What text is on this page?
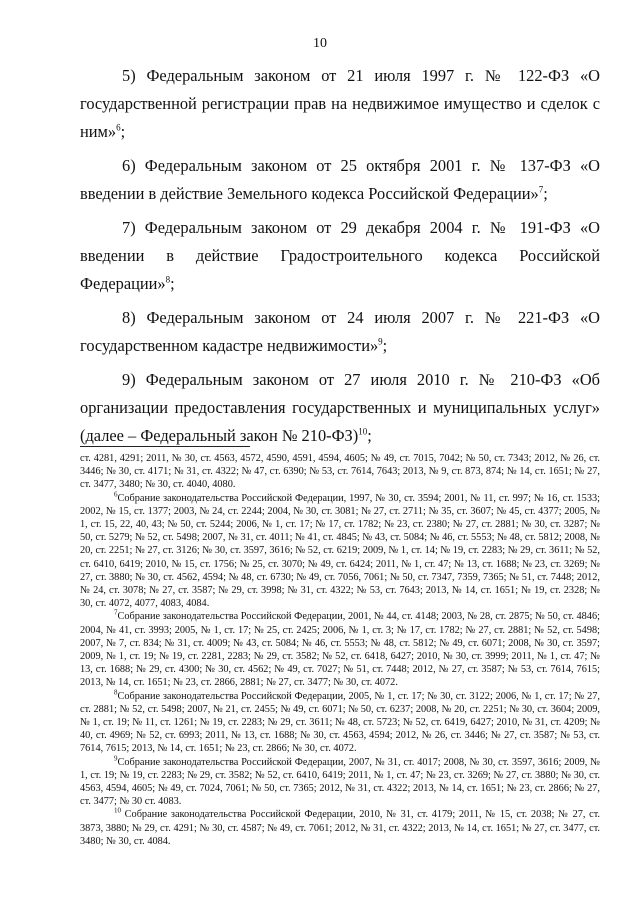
10

5) Федеральным законом от 21 июля 1997 г. № 122-ФЗ «О государственной регистрации прав на недвижимое имущество и сделок с ним»$^6$;

6) Федеральным законом от 25 октября 2001 г. № 137-ФЗ «О введении в действие Земельного кодекса Российской Федерации»$^7$;

7) Федеральным законом от 29 декабря 2004 г. № 191-ФЗ «О введении в действие Градостроительного кодекса Российской Федерации»$^8$;

8) Федеральным законом от 24 июля 2007 г. № 221-ФЗ «О государственном кадастре недвижимости»$^9$;

9) Федеральным законом от 27 июля 2010 г. № 210-ФЗ «Об организации предоставления государственных и муниципальных услуг» (далее – Федеральный закон № 210-ФЗ)$^{10}$;

ст. 4281, 4291; 2011, № 30, ст. 4563, 4572, 4590, 4591, 4594, 4605; № 49, ст. 7015, 7042; № 50, ст. 7343; 2012, № 26, ст. 3446; № 30, ст. 4171; № 31, ст. 4322; № 47, ст. 6390; № 53, ст. 7614, 7643; 2013, № 9, ст. 873, 874; № 14, ст. 1651; № 27, ст. 3477, 3480; № 30, ст. 4040, 4080.

$^6$Собрание законодательства Российской Федерации, 1997, № 30, ст. 3594; 2001, № 11, ст. 997; № 16, ст. 1533; 2002, № 15, ст. 1377; 2003, № 24, ст. 2244; 2004, № 30, ст. 3081; № 27, ст. 2711; № 35, ст. 3607; № 45, ст. 4377; 2005, № 1, ст. 15, 22, 40, 43; № 50, ст. 5244; 2006, № 1, ст. 17; № 17, ст. 1782; № 23, ст. 2380; № 27, ст. 2881; № 30, ст. 3287; № 50, ст. 5279; № 52, ст. 5498; 2007, № 31, ст. 4011; № 41, ст. 4845; № 43, ст. 5084; № 46, ст. 5553; № 48, ст. 5812; 2008, № 20, ст. 2251; № 27, ст. 3126; № 30, ст. 3597, 3616; № 52, ст. 6219; 2009, № 1, ст. 14; № 19, ст. 2283; № 29, ст. 3611; № 52, ст. 6410, 6419; 2010, № 15, ст. 1756; № 25, ст. 3070; № 49, ст. 6424; 2011, № 1, ст. 47; № 13, ст. 1688; № 23, ст. 3269; № 27, ст. 3880; № 30, ст. 4562, 4594; № 48, ст. 6730; № 49, ст. 7056, 7061; № 50, ст. 7347, 7359, 7365; № 51, ст. 7448; 2012, № 24, ст. 3078; № 27, ст. 3587; № 29, ст. 3998; № 31, ст. 4322; № 53, ст. 7643; 2013, № 14, ст. 1651; № 19, ст. 2328; № 30, ст. 4072, 4077, 4083, 4084.

$^7$Собрание законодательства Российской Федерации, 2001, № 44, ст. 4148; 2003, № 28, ст. 2875; № 50, ст. 4846; 2004, № 41, ст. 3993; 2005, № 1, ст. 17; № 25, ст. 2425; 2006, № 1, ст. 3; № 17, ст. 1782; № 27, ст. 2881; № 52, ст. 5498; 2007, № 7, ст. 834; № 31, ст. 4009; № 43, ст. 5084; № 46, ст. 5553; № 48, ст. 5812; № 49, ст. 6071; 2008, № 30, ст. 3597; 2009, № 1, ст. 19; № 19, ст. 2281, 2283; № 29, ст. 3582; № 52, ст. 6418, 6427; 2010, № 30, ст. 3999; 2011, № 1, ст. 47; № 13, ст. 1688; № 29, ст. 4300; № 30, ст. 4562; № 49, ст. 7027; № 51, ст. 7448; 2012, № 27, ст. 3587; № 53, ст. 7614, 7615; 2013, № 14, ст. 1651; № 23, ст. 2866, 2881; № 27, ст. 3477; № 30, ст. 4072.

$^8$Собрание законодательства Российской Федерации, 2005, № 1, ст. 17; № 30, ст. 3122; 2006, № 1, ст. 17; № 27, ст. 2881; № 52, ст. 5498; 2007, № 21, ст. 2455; № 49, ст. 6071; № 50, ст. 6237; 2008, № 20, ст. 2251; № 30, ст. 3604; 2009, № 1, ст. 19; № 11, ст. 1261; № 19, ст. 2283; № 29, ст. 3611; № 48, ст. 5723; № 52, ст. 6419, 6427; 2010, № 31, ст. 4209; № 40, ст. 4969; № 52, ст. 6993; 2011, № 13, ст. 1688; № 30, ст. 4563, 4594; 2012, № 26, ст. 3446; № 27, ст. 3587; № 53, ст. 7614, 7615; 2013, № 14, ст. 1651; № 23, ст. 2866; № 30, ст. 4072.

$^9$Собрание законодательства Российской Федерации, 2007, № 31, ст. 4017; 2008, № 30, ст. 3597, 3616; 2009, № 1, ст. 19; № 19, ст. 2283; № 29, ст. 3582; № 52, ст. 6410, 6419; 2011, № 1, ст. 47; № 23, ст. 3269; № 27, ст. 3880; № 30, ст. 4563, 4594, 4605; № 49, ст. 7024, 7061; № 50, ст. 7365; 2012, № 31, ст. 4322; 2013, № 14, ст. 1651; № 23, ст. 2866; № 27, ст. 3477; № 30 ст. 4083.

$^{10}$ Собрание законодательства Российской Федерации, 2010, № 31, ст. 4179; 2011, № 15, ст. 2038; № 27, ст. 3873, 3880; № 29, ст. 4291; № 30, ст. 4587; № 49, ст. 7061; 2012, № 31, ст. 4322; 2013, № 14, ст. 1651; № 27, ст. 3477, ст. 3480; № 30, ст. 4084.
